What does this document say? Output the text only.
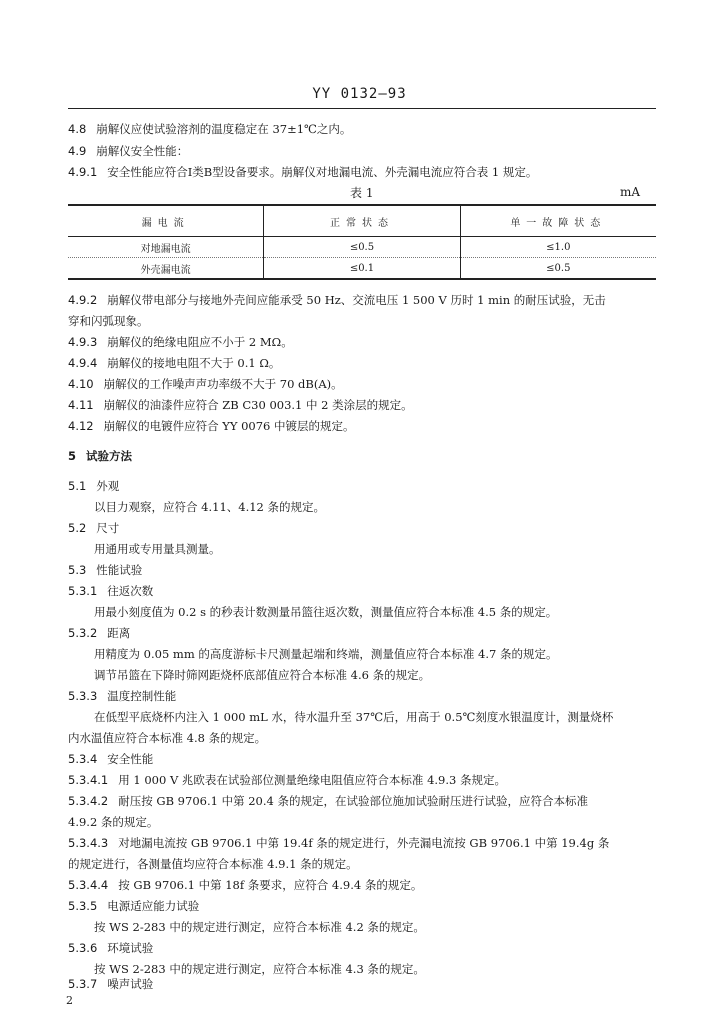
YY 0132—93
4.8 崩解仪应使试验溶剂的温度稳定在 37±1℃之内。
4.9 崩解仪安全性能：
4.9.1 安全性能应符合Ⅰ类B型设备要求。崩解仪对地漏电流、外壳漏电流应符合表 1 规定。
表 1	mA
漏电流	正常状态	单一故障状态
对地漏电流	≤0.5	≤1.0
外壳漏电流	≤0.1	≤0.5
4.9.2 崩解仪带电部分与接地外壳间应能承受 50 Hz、交流电压 1 500 V 历时 1 min 的耐压试验，无击
穿和闪弧现象。
4.9.3 崩解仪的绝缘电阻应不小于 2 MΩ。
4.9.4 崩解仪的接地电阻不大于 0.1 Ω。
4.10 崩解仪的工作噪声声功率级不大于 70 dB(A)。
4.11 崩解仪的油漆件应符合 ZB C30 003.1 中 2 类涂层的规定。
4.12 崩解仪的电镀件应符合 YY 0076 中镀层的规定。
5 试验方法
5.1 外观
以目力观察，应符合 4.11、4.12 条的规定。
5.2 尺寸
用通用或专用量具测量。
5.3 性能试验
5.3.1 往返次数
用最小刻度值为 0.2 s 的秒表计数测量吊篮往返次数，测量值应符合本标准 4.5 条的规定。
5.3.2 距离
用精度为 0.05 mm 的高度游标卡尺测量起端和终端，测量值应符合本标准 4.7 条的规定。
调节吊篮在下降时筛网距烧杯底部值应符合本标准 4.6 条的规定。
5.3.3 温度控制性能
在低型平底烧杯内注入 1 000 mL 水，待水温升至 37℃后，用高于 0.5℃刻度水银温度计，测量烧杯
内水温值应符合本标准 4.8 条的规定。
5.3.4 安全性能
5.3.4.1 用 1 000 V 兆欧表在试验部位测量绝缘电阻值应符合本标准 4.9.3 条规定。
5.3.4.2 耐压按 GB 9706.1 中第 20.4 条的规定，在试验部位施加试验耐压进行试验，应符合本标准
4.9.2 条的规定。
5.3.4.3 对地漏电流按 GB 9706.1 中第 19.4f 条的规定进行，外壳漏电流按 GB 9706.1 中第 19.4g 条
的规定进行，各测量值均应符合本标准 4.9.1 条的规定。
5.3.4.4 按 GB 9706.1 中第 18f 条要求，应符合 4.9.4 条的规定。
5.3.5 电源适应能力试验
按 WS 2-283 中的规定进行测定，应符合本标准 4.2 条的规定。
5.3.6 环境试验
按 WS 2-283 中的规定进行测定，应符合本标准 4.3 条的规定。
5.3.7 噪声试验
2
